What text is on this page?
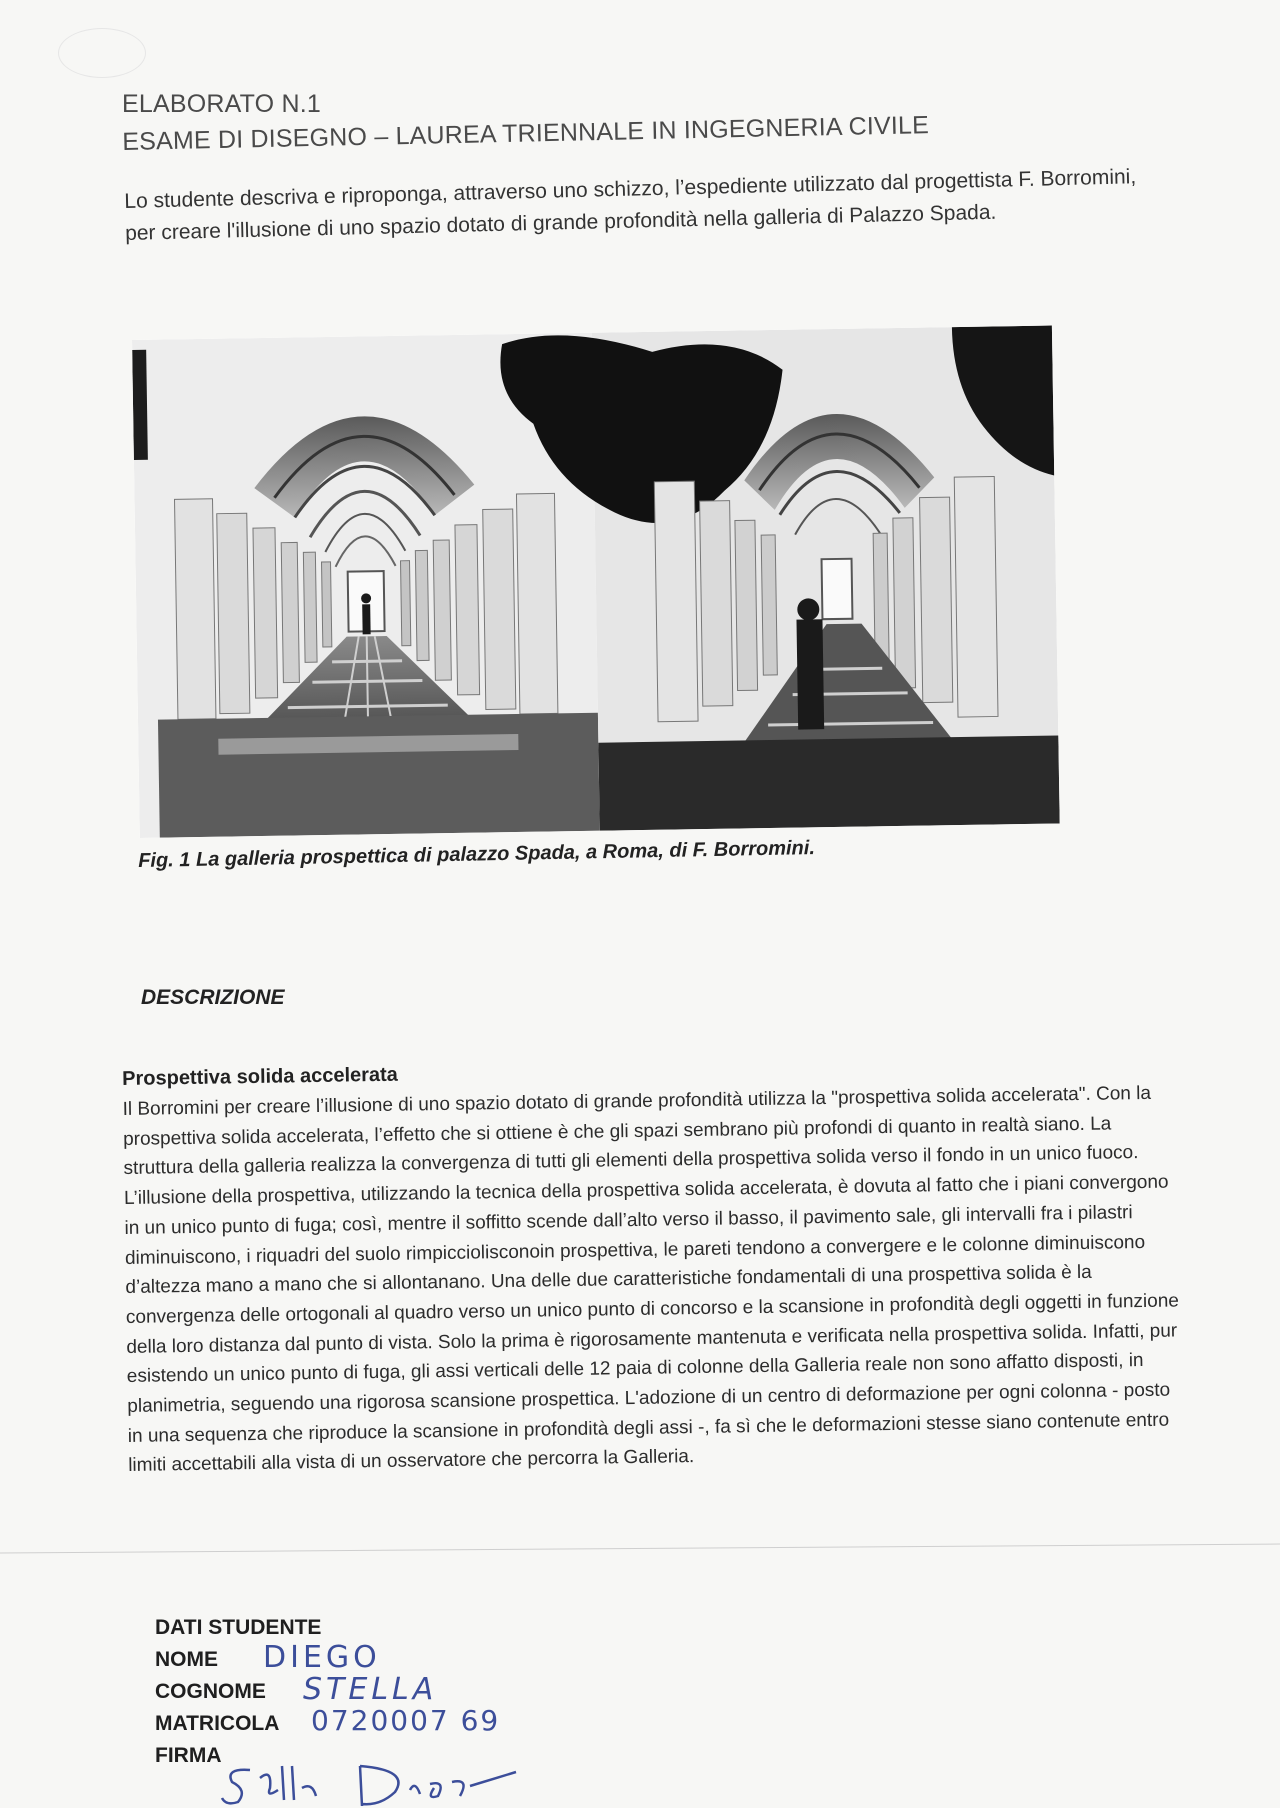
ELABORATO N.1
ESAME DI DISEGNO – LAUREA TRIENNALE IN INGEGNERIA CIVILE
Lo studente descriva e riproponga, attraverso uno schizzo, l’espediente utilizzato dal progettista F. Borromini, per creare l'illusione di uno spazio dotato di grande profondità nella galleria di Palazzo Spada.
Fig. 1 La galleria prospettica di palazzo Spada, a Roma, di F. Borromini.
DESCRIZIONE

Prospettiva solida accelerata

Il Borromini per creare l’illusione di uno spazio dotato di grande profondità utilizza la "prospettiva solida accelerata". Con la prospettiva solida accelerata, l’effetto che si ottiene è che gli spazi sembrano più profondi di quanto in realtà siano. La struttura della galleria realizza la convergenza di tutti gli elementi della prospettiva solida verso il fondo in un unico fuoco. L’illusione della prospettiva, utilizzando la tecnica della prospettiva solida accelerata, è dovuta al fatto che i piani convergono in un unico punto di fuga; così, mentre il soffitto scende dall’alto verso il basso, il pavimento sale, gli intervalli fra i pilastri diminuiscono, i riquadri del suolo rimpicciolisconoin prospettiva, le pareti tendono a convergere e le colonne diminuiscono d’altezza mano a mano che si allontanano. Una delle due caratteristiche fondamentali di una prospettiva solida è la convergenza delle ortogonali al quadro verso un unico punto di concorso e la scansione in profondità degli oggetti in funzione della loro distanza dal punto di vista. Solo la prima è rigorosamente mantenuta e verificata nella prospettiva solida. Infatti, pur esistendo un unico punto di fuga, gli assi verticali delle 12 paia di colonne della Galleria reale non sono affatto disposti, in planimetria, seguendo una rigorosa scansione prospettica. L'adozione di un centro di deformazione per ogni colonna - posto in una sequenza che riproduce la scansione in profondità degli assi -, fa sì che le deformazioni stesse siano contenute entro limiti accettabili alla vista di un osservatore che percorra la Galleria.

DATI STUDENTE
NOME DIEGO
COGNOME STELLA
MATRICOLA 0720007 69
FIRMA
